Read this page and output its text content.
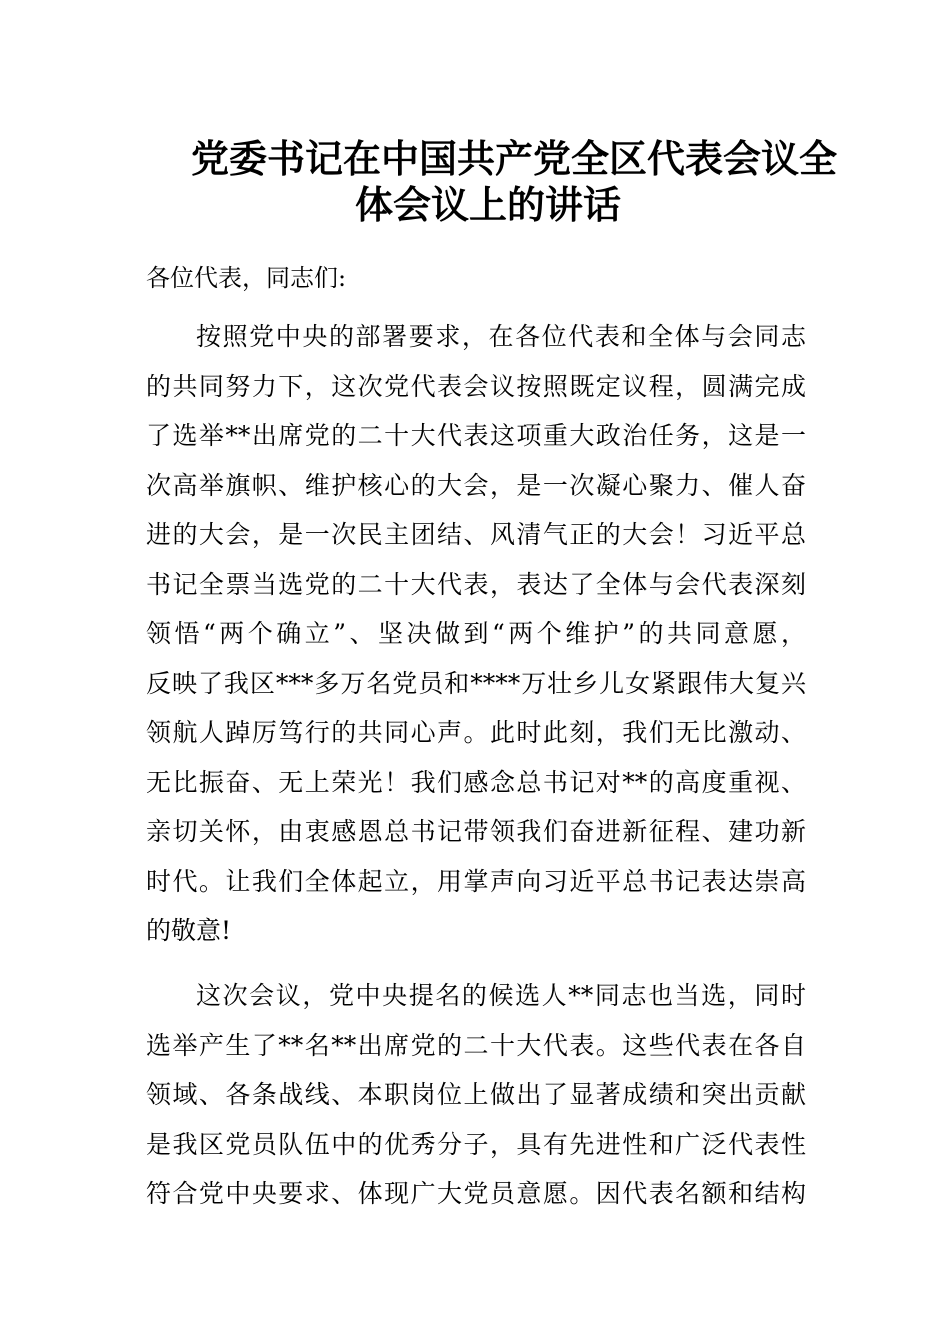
党委书记在中国共产党全区代表会议全
体会议上的讲话
各位代表，同志们:
按照党中央的部署要求，在各位代表和全体与会同志
的共同努力下，这次党代表会议按照既定议程，圆满完成
了选举**出席党的二十大代表这项重大政治任务，这是一
次高举旗帜、维护核心的大会，是一次凝心聚力、催人奋
进的大会，是一次民主团结、风清气正的大会！习近平总
书记全票当选党的二十大代表，表达了全体与会代表深刻
领悟“两个确立”、坚决做到“两个维护”的共同意愿，
反映了我区***多万名党员和****万壮乡儿女紧跟伟大复兴
领航人踔厉笃行的共同心声。此时此刻，我们无比激动、
无比振奋、无上荣光！我们感念总书记对**的高度重视、
亲切关怀，由衷感恩总书记带领我们奋进新征程、建功新
时代。让我们全体起立，用掌声向习近平总书记表达崇高
的敬意!
这次会议，党中央提名的候选人**同志也当选，同时
选举产生了**名**出席党的二十大代表。这些代表在各自
领域、各条战线、本职岗位上做出了显著成绩和突出贡献
是我区党员队伍中的优秀分子，具有先进性和广泛代表性
符合党中央要求、体现广大党员意愿。因代表名额和结构
